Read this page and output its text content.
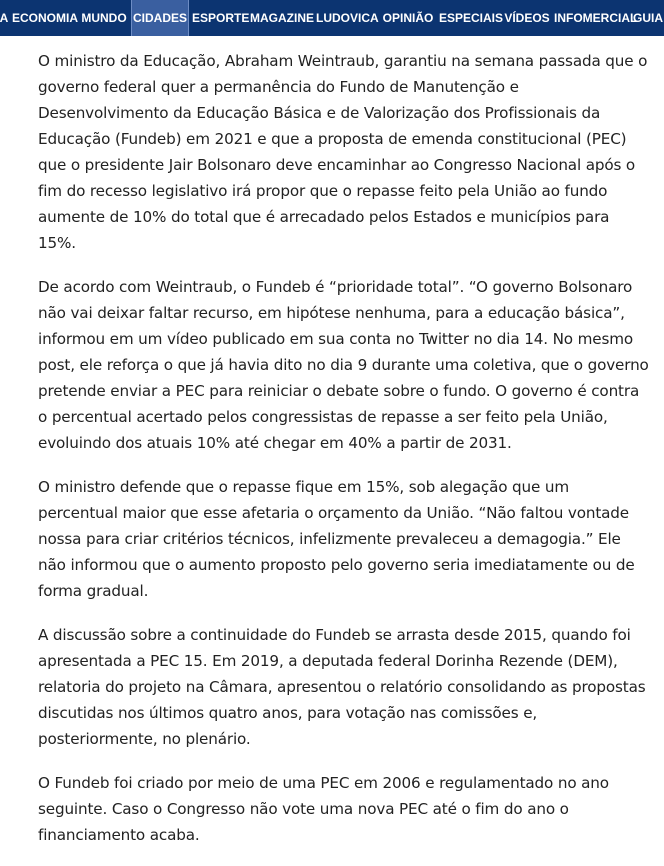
A ECONOMIA MUNDO CIDADES ESPORTE MAGAZINE LUDOVICA OPINIÃO ESPECIAIS VÍDEOS INFOMERCIAL
GUIA

O ministro da Educação, Abraham Weintraub, garantiu na semana passada que o governo federal quer a permanência do Fundo de Manutenção e Desenvolvimento da Educação Básica e de Valorização dos Profissionais da Educação (Fundeb) em 2021 e que a proposta de emenda constitucional (PEC) que o presidente Jair Bolsonaro deve encaminhar ao Congresso Nacional após o fim do recesso legislativo irá propor que o repasse feito pela União ao fundo aumente de 10% do total que é arrecadado pelos Estados e municípios para 15%.

De acordo com Weintraub, o Fundeb é “prioridade total”. “O governo Bolsonaro não vai deixar faltar recurso, em hipótese nenhuma, para a educação básica”, informou em um vídeo publicado em sua conta no Twitter no dia 14. No mesmo post, ele reforça o que já havia dito no dia 9 durante uma coletiva, que o governo pretende enviar a PEC para reiniciar o debate sobre o fundo. O governo é contra o percentual acertado pelos congressistas de repasse a ser feito pela União, evoluindo dos atuais 10% até chegar em 40% a partir de 2031.

O ministro defende que o repasse fique em 15%, sob alegação que um percentual maior que esse afetaria o orçamento da União. “Não faltou vontade nossa para criar critérios técnicos, infelizmente prevaleceu a demagogia.” Ele não informou que o aumento proposto pelo governo seria imediatamente ou de forma gradual.

A discussão sobre a continuidade do Fundeb se arrasta desde 2015, quando foi apresentada a PEC 15. Em 2019, a deputada federal Dorinha Rezende (DEM), relatoria do projeto na Câmara, apresentou o relatório consolidando as propostas discutidas nos últimos quatro anos, para votação nas comissões e, posteriormente, no plenário.

O Fundeb foi criado por meio de uma PEC em 2006 e regulamentado no ano seguinte. Caso o Congresso não vote uma nova PEC até o fim do ano o financiamento acaba.
